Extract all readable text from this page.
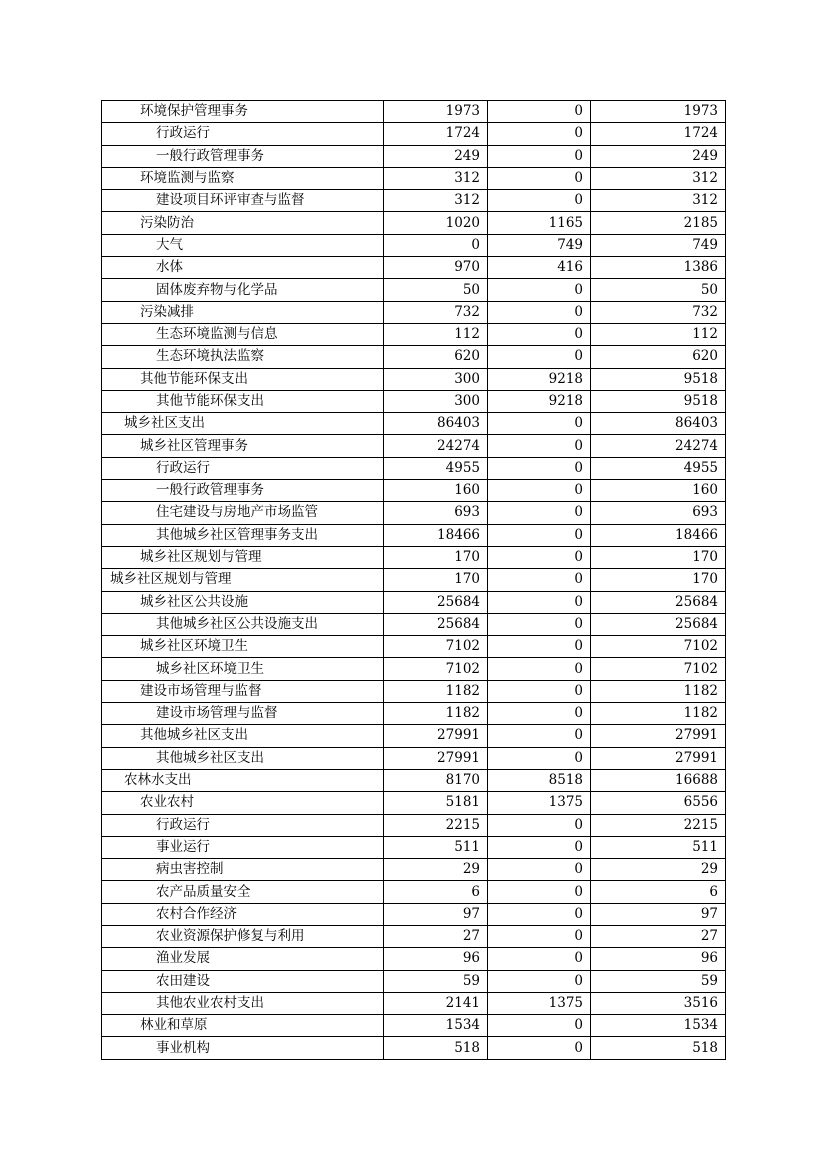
环境保护管理事务	1973	0	1973
行政运行	1724	0	1724
一般行政管理事务	249	0	249
环境监测与监察	312	0	312
建设项目环评审查与监督	312	0	312
污染防治	1020	1165	2185
大气	0	749	749
水体	970	416	1386
固体废弃物与化学品	50	0	50
污染减排	732	0	732
生态环境监测与信息	112	0	112
生态环境执法监察	620	0	620
其他节能环保支出	300	9218	9518
其他节能环保支出	300	9218	9518
城乡社区支出	86403	0	86403
城乡社区管理事务	24274	0	24274
行政运行	4955	0	4955
一般行政管理事务	160	0	160
住宅建设与房地产市场监管	693	0	693
其他城乡社区管理事务支出	18466	0	18466
城乡社区规划与管理	170	0	170
城乡社区规划与管理	170	0	170
城乡社区公共设施	25684	0	25684
其他城乡社区公共设施支出	25684	0	25684
城乡社区环境卫生	7102	0	7102
城乡社区环境卫生	7102	0	7102
建设市场管理与监督	1182	0	1182
建设市场管理与监督	1182	0	1182
其他城乡社区支出	27991	0	27991
其他城乡社区支出	27991	0	27991
农林水支出	8170	8518	16688
农业农村	5181	1375	6556
行政运行	2215	0	2215
事业运行	511	0	511
病虫害控制	29	0	29
农产品质量安全	6	0	6
农村合作经济	97	0	97
农业资源保护修复与利用	27	0	27
渔业发展	96	0	96
农田建设	59	0	59
其他农业农村支出	2141	1375	3516
林业和草原	1534	0	1534
事业机构	518	0	518
